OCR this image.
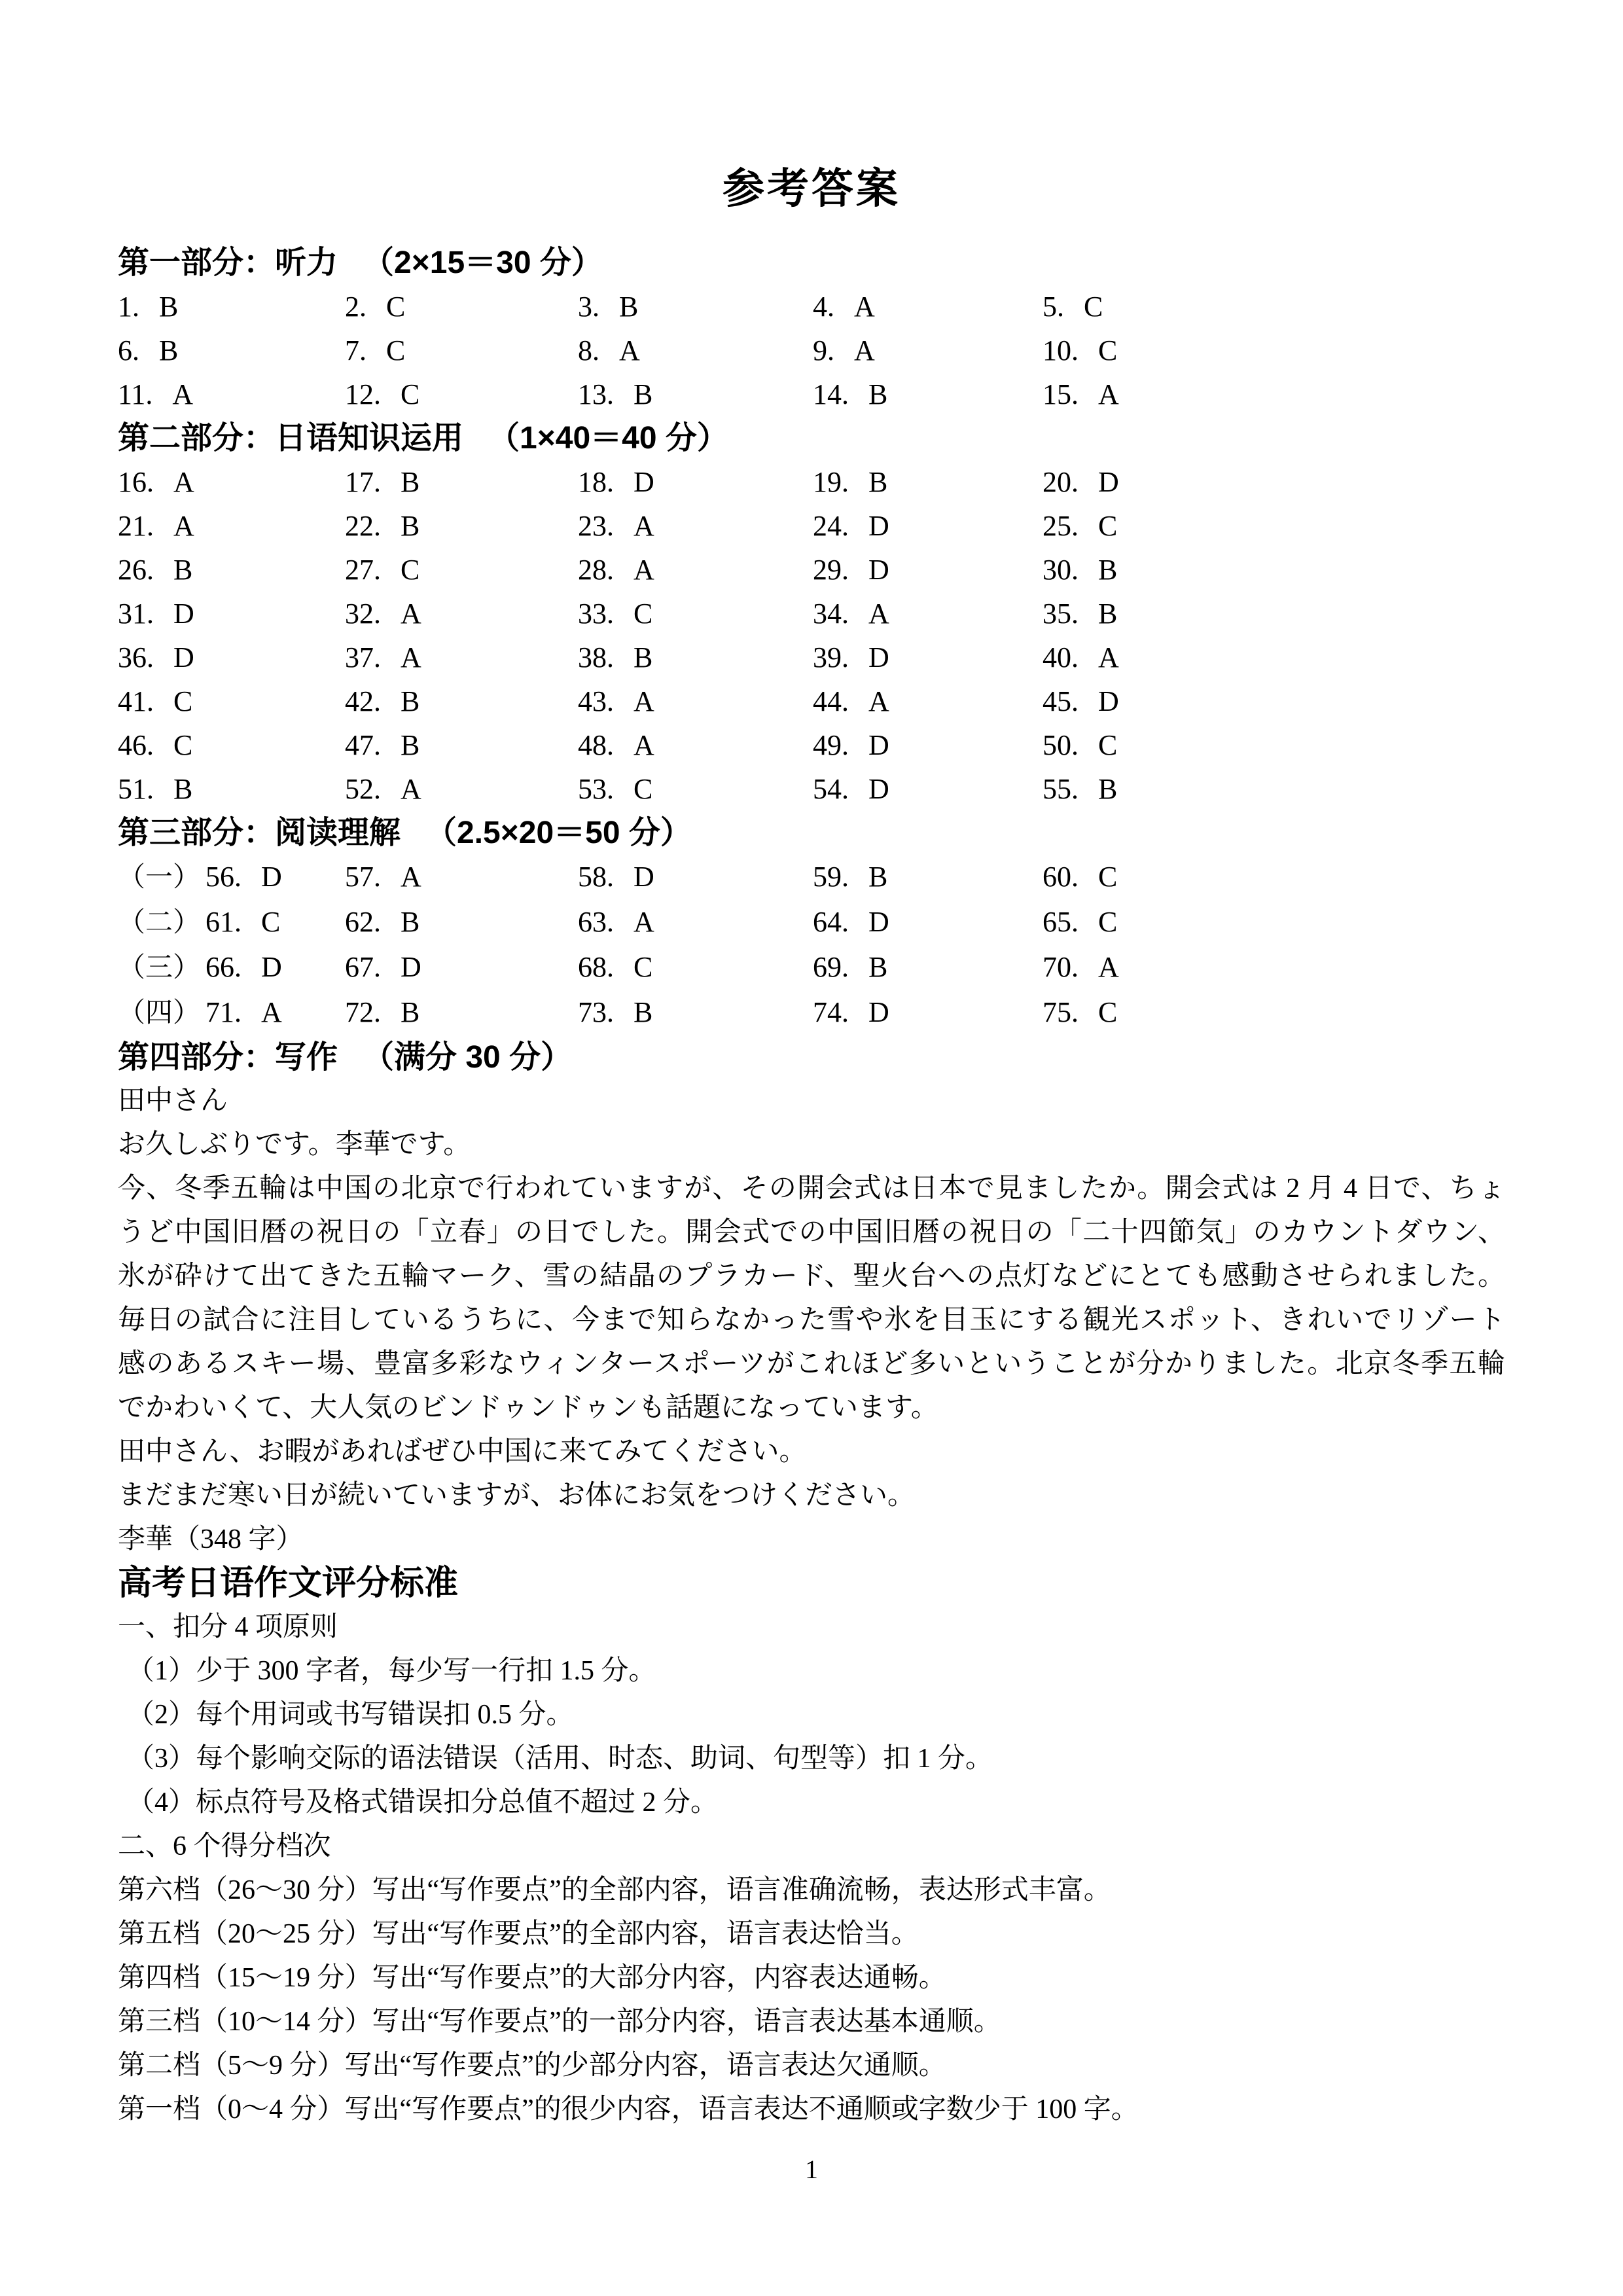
参考答案
第一部分：听力 （2×15＝30 分）
1. B	2. C	3. B	4. A	5. C
6. B	7. C	8. A	9. A	10. C
11. A	12. C	13. B	14. B	15. A
第二部分：日语知识运用 （1×40＝40 分）
16. A	17. B	18. D	19. B	20. D
21. A	22. B	23. A	24. D	25. C
26. B	27. C	28. A	29. D	30. B
31. D	32. A	33. C	34. A	35. B
36. D	37. A	38. B	39. D	40. A
41. C	42. B	43. A	44. A	45. D
46. C	47. B	48. A	49. D	50. C
51. B	52. A	53. C	54. D	55. B
第三部分：阅读理解 （2.5×20＝50 分）
（一） 56. D	57. A	58. D	59. B	60. C
（二） 61. C	62. B	63. A	64. D	65. C
（三） 66. D	67. D	68. C	69. B	70. A
（四） 71. A	72. B	73. B	74. D	75. C
第四部分：写作 （满分 30 分）
田中さん
お久しぶりです。李華です。
今、冬季五輪は中国の北京で行われていますが、その開会式は日本で見ましたか。開会式は 2 月 4 日で、ちょ
うど中国旧暦の祝日の「立春」の日でした。開会式での中国旧暦の祝日の「二十四節気」のカウントダウン、
氷が砕けて出てきた五輪マーク、雪の結晶のプラカード、聖火台への点灯などにとても感動させられました。
毎日の試合に注目しているうちに、今まで知らなかった雪や氷を目玉にする観光スポット、きれいでリゾート
感のあるスキー場、豊富多彩なウィンタースポーツがこれほど多いということが分かりました。北京冬季五輪
でかわいくて、大人気のビンドゥンドゥンも話題になっています。
田中さん、お暇があればぜひ中国に来てみてください。
まだまだ寒い日が続いていますが、お体にお気をつけください。
李華（348 字）
高考日语作文评分标准
一、扣分 4 项原则
（1）少于 300 字者，每少写一行扣 1.5 分。
（2）每个用词或书写错误扣 0.5 分。
（3）每个影响交际的语法错误（活用、时态、助词、句型等）扣 1 分。
（4）标点符号及格式错误扣分总值不超过 2 分。
二、6 个得分档次
第六档（26～30 分）写出“写作要点”的全部内容，语言准确流畅，表达形式丰富。
第五档（20～25 分）写出“写作要点”的全部内容，语言表达恰当。
第四档（15～19 分）写出“写作要点”的大部分内容，内容表达通畅。
第三档（10～14 分）写出“写作要点”的一部分内容，语言表达基本通顺。
第二档（5～9 分）写出“写作要点”的少部分内容，语言表达欠通顺。
第一档（0～4 分）写出“写作要点”的很少内容，语言表达不通顺或字数少于 100 字。
1
